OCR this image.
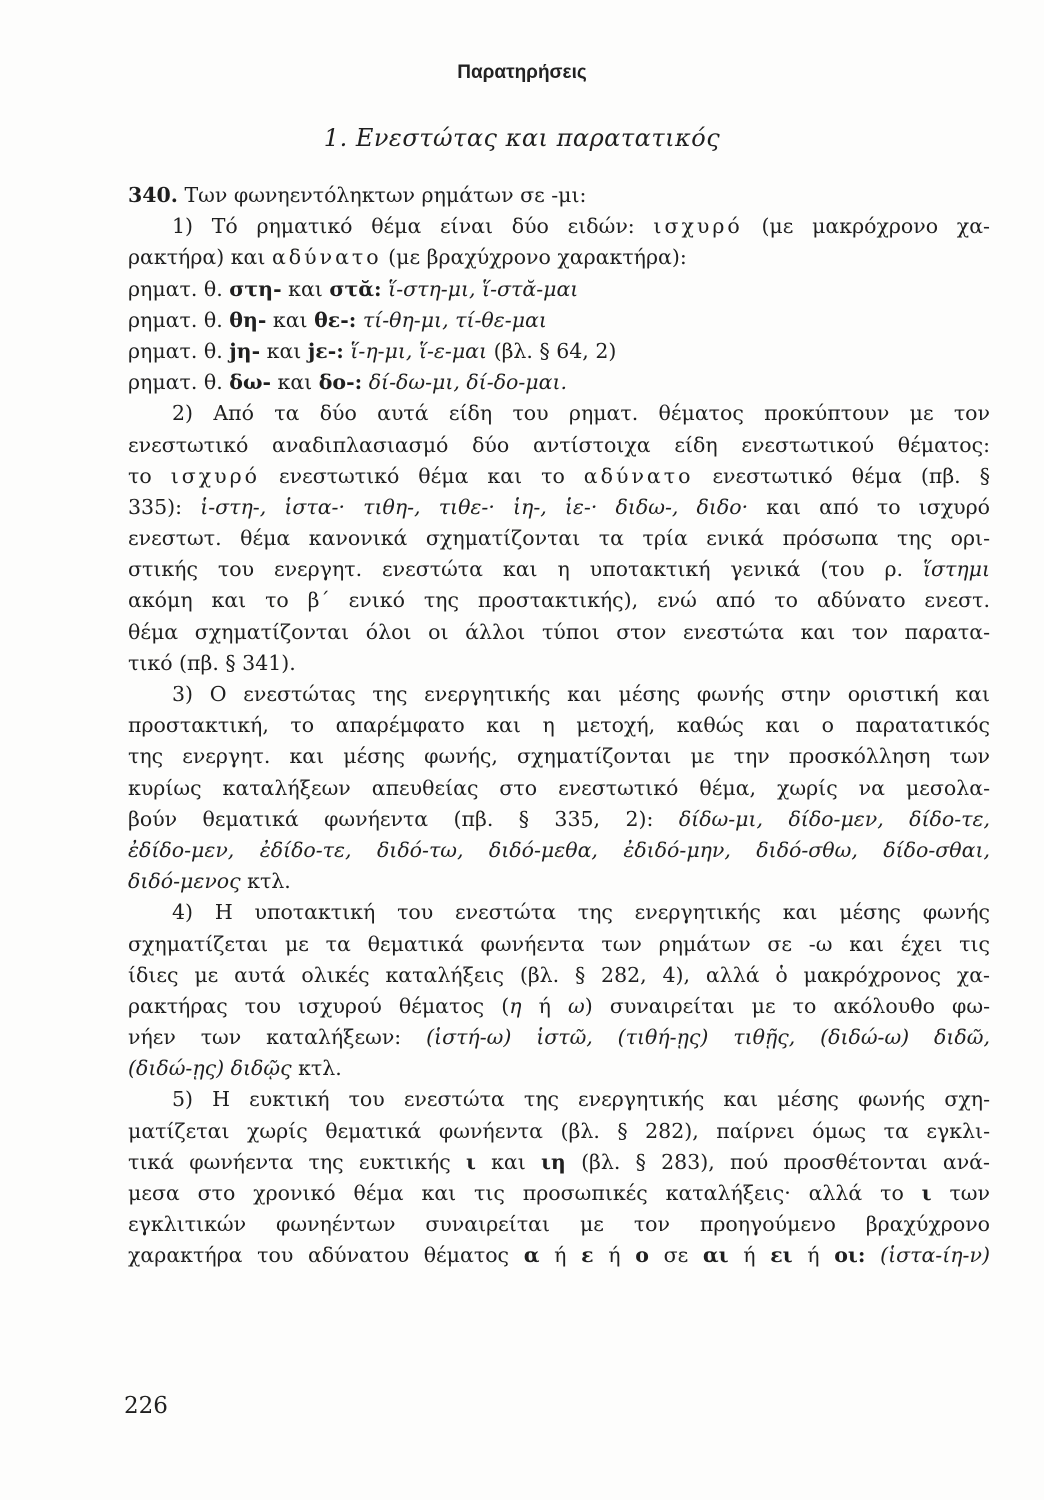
Παρατηρήσεις
1. Ενεστώτας και παρατατικός
340. Των φωνηεντόληκτων ρημάτων σε -μι:
1) Τό ρηματικό θέμα είναι δύο ειδών: ισχυρό (με μακρόχρονο χα-
ρακτήρα) και αδύνατο (με βραχύχρονο χαρακτήρα):
ρηματ. θ. στη- και στᾰ: ἵ-στη-μι, ἵ-στᾰ-μαι
ρηματ. θ. θη- και θε-: τί-θη-μι, τί-θε-μαι
ρηματ. θ. jη- και jε-: ἵ-η-μι, ἵ-ε-μαι (βλ. § 64, 2)
ρηματ. θ. δω- και δο-: δί-δω-μι, δί-δο-μαι.
2) Από τα δύο αυτά είδη του ρηματ. θέματος προκύπτουν με τον
ενεστωτικό αναδιπλασιασμό δύο αντίστοιχα είδη ενεστωτικού θέματος:
το ισχυρό ενεστωτικό θέμα και το αδύνατο ενεστωτικό θέμα (πβ. §
335): ἱ-στη-, ἱστα-· τιθη-, τιθε-· ἱη-, ἱε-· διδω-, διδο· και από το ισχυρό
ενεστωτ. θέμα κανονικά σχηματίζονται τα τρία ενικά πρόσωπα της ορι-
στικής του ενεργητ. ενεστώτα και η υποτακτική γενικά (του ρ. ἵστημι
ακόμη και το β΄ ενικό της προστακτικής), ενώ από το αδύνατο ενεστ.
θέμα σχηματίζονται όλοι οι άλλοι τύποι στον ενεστώτα και τον παρατα-
τικό (πβ. § 341).
3) Ο ενεστώτας της ενεργητικής και μέσης φωνής στην οριστική και
προστακτική, το απαρέμφατο και η μετοχή, καθώς και ο παρατατικός
της ενεργητ. και μέσης φωνής, σχηματίζονται με την προσκόλληση των
κυρίως καταλήξεων απευθείας στο ενεστωτικό θέμα, χωρίς να μεσολα-
βούν θεματικά φωνήεντα (πβ. § 335, 2): δίδω-μι, δίδο-μεν, δίδο-τε,
ἐδίδο-μεν, ἐδίδο-τε, διδό-τω, διδό-μεθα, ἐδιδό-μην, διδό-σθω, δίδο-σθαι,
διδό-μενος κτλ.
4) Η υποτακτική του ενεστώτα της ενεργητικής και μέσης φωνής
σχηματίζεται με τα θεματικά φωνήεντα των ρημάτων σε -ω και έχει τις
ίδιες με αυτά ολικές καταλήξεις (βλ. § 282, 4), αλλά ὁ μακρόχρονος χα-
ρακτήρας του ισχυρού θέματος (η ή ω) συναιρείται με το ακόλουθο φω-
νήεν των καταλήξεων: (ἱστή-ω) ἱστῶ, (τιθή-ῃς) τιθῇς, (διδώ-ω) διδῶ,
(διδώ-ῃς) διδῷς κτλ.
5) Η ευκτική του ενεστώτα της ενεργητικής και μέσης φωνής σχη-
ματίζεται χωρίς θεματικά φωνήεντα (βλ. § 282), παίρνει όμως τα εγκλι-
τικά φωνήεντα της ευκτικής ι και ιη (βλ. § 283), πού προσθέτονται ανά-
μεσα στο χρονικό θέμα και τις προσωπικές καταλήξεις· αλλά το ι των
εγκλιτικών φωνηέντων συναιρείται με τον προηγούμενο βραχύχρονο
χαρακτήρα του αδύνατου θέματος α ή ε ή ο σε αι ή ει ή οι: (ἱστα-ίη-ν)
226
